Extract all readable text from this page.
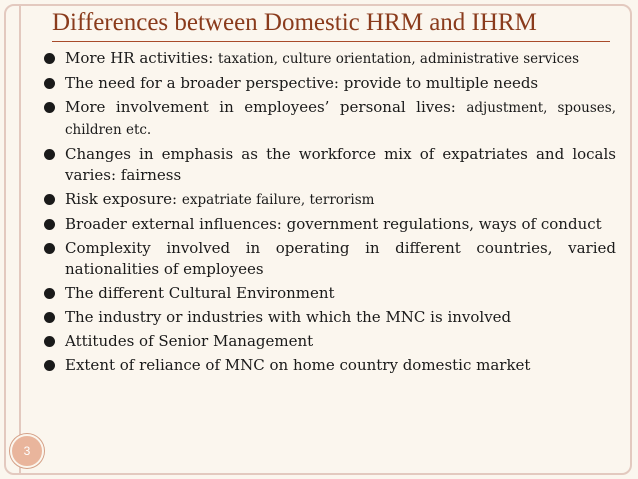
Differences between Domestic HRM and IHRM
More HR activities: taxation, culture orientation, administrative services
The need for a broader perspective: provide to multiple needs
More involvement in employees’ personal lives: adjustment, spouses, children etc.
Changes in emphasis as the workforce mix of expatriates and locals varies: fairness
Risk exposure: expatriate failure, terrorism
Broader external influences: government regulations, ways of conduct
Complexity involved in operating in different countries, varied nationalities of employees
The different Cultural Environment
The industry or industries with which the MNC is involved
Attitudes of Senior Management
Extent of reliance of MNC on home country domestic market
3
